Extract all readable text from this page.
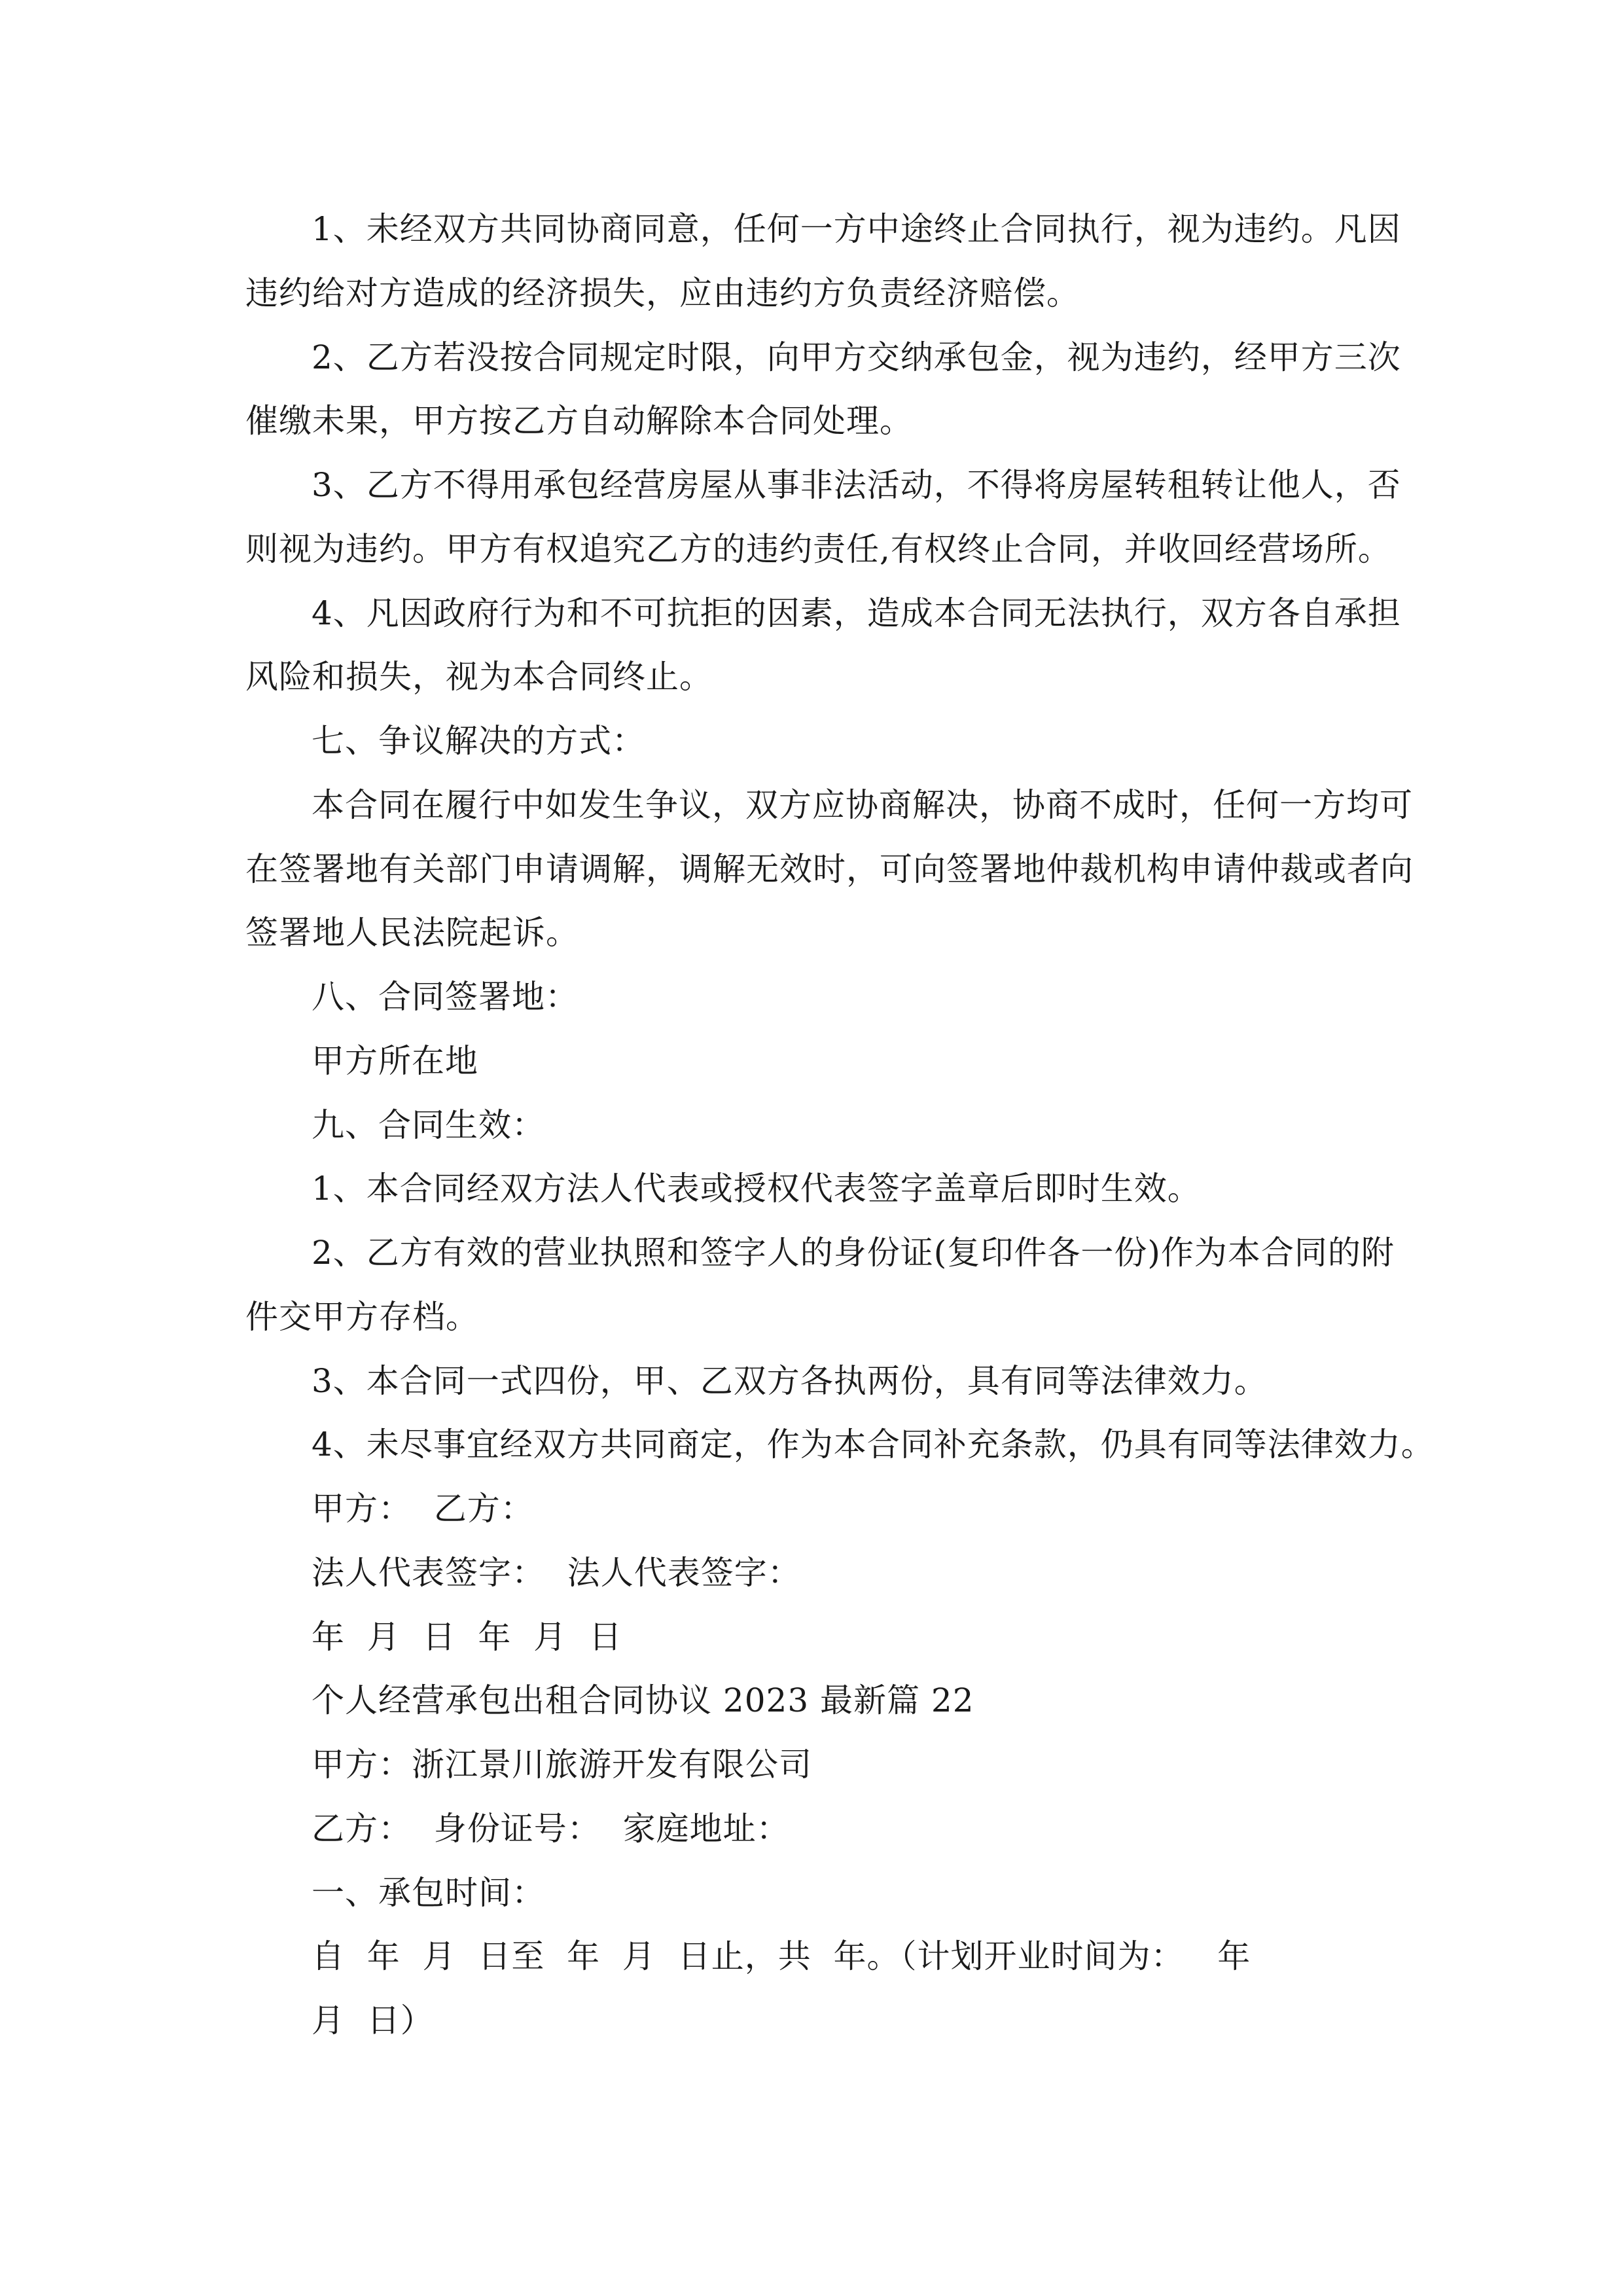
1、未经双方共同协商同意，任何一方中途终止合同执行，视为违约。凡因
违约给对方造成的经济损失，应由违约方负责经济赔偿。
2、乙方若没按合同规定时限，向甲方交纳承包金，视为违约，经甲方三次
催缴未果，甲方按乙方自动解除本合同处理。
3、乙方不得用承包经营房屋从事非法活动，不得将房屋转租转让他人，否
则视为违约。甲方有权追究乙方的违约责任,有权终止合同，并收回经营场所。
4、凡因政府行为和不可抗拒的因素，造成本合同无法执行，双方各自承担
风险和损失，视为本合同终止。
七、争议解决的方式：
本合同在履行中如发生争议，双方应协商解决，协商不成时，任何一方均可
在签署地有关部门申请调解，调解无效时，可向签署地仲裁机构申请仲裁或者向
签署地人民法院起诉。
八、合同签署地：
甲方所在地
九、合同生效：
1、本合同经双方法人代表或授权代表签字盖章后即时生效。
2、乙方有效的营业执照和签字人的身份证(复印件各一份)作为本合同的附
件交甲方存档。
3、本合同一式四份，甲、乙双方各执两份，具有同等法律效力。
4、未尽事宜经双方共同商定，作为本合同补充条款，仍具有同等法律效力。
甲方：  乙方：
法人代表签字：  法人代表签字：
年  月  日  年  月  日
个人经营承包出租合同协议 2023 最新篇 22
甲方：浙江景川旅游开发有限公司
乙方：  身份证号：  家庭地址：
一、承包时间：
自  年  月  日至  年  月  日止，共  年。（计划开业时间为：   年
月  日）
